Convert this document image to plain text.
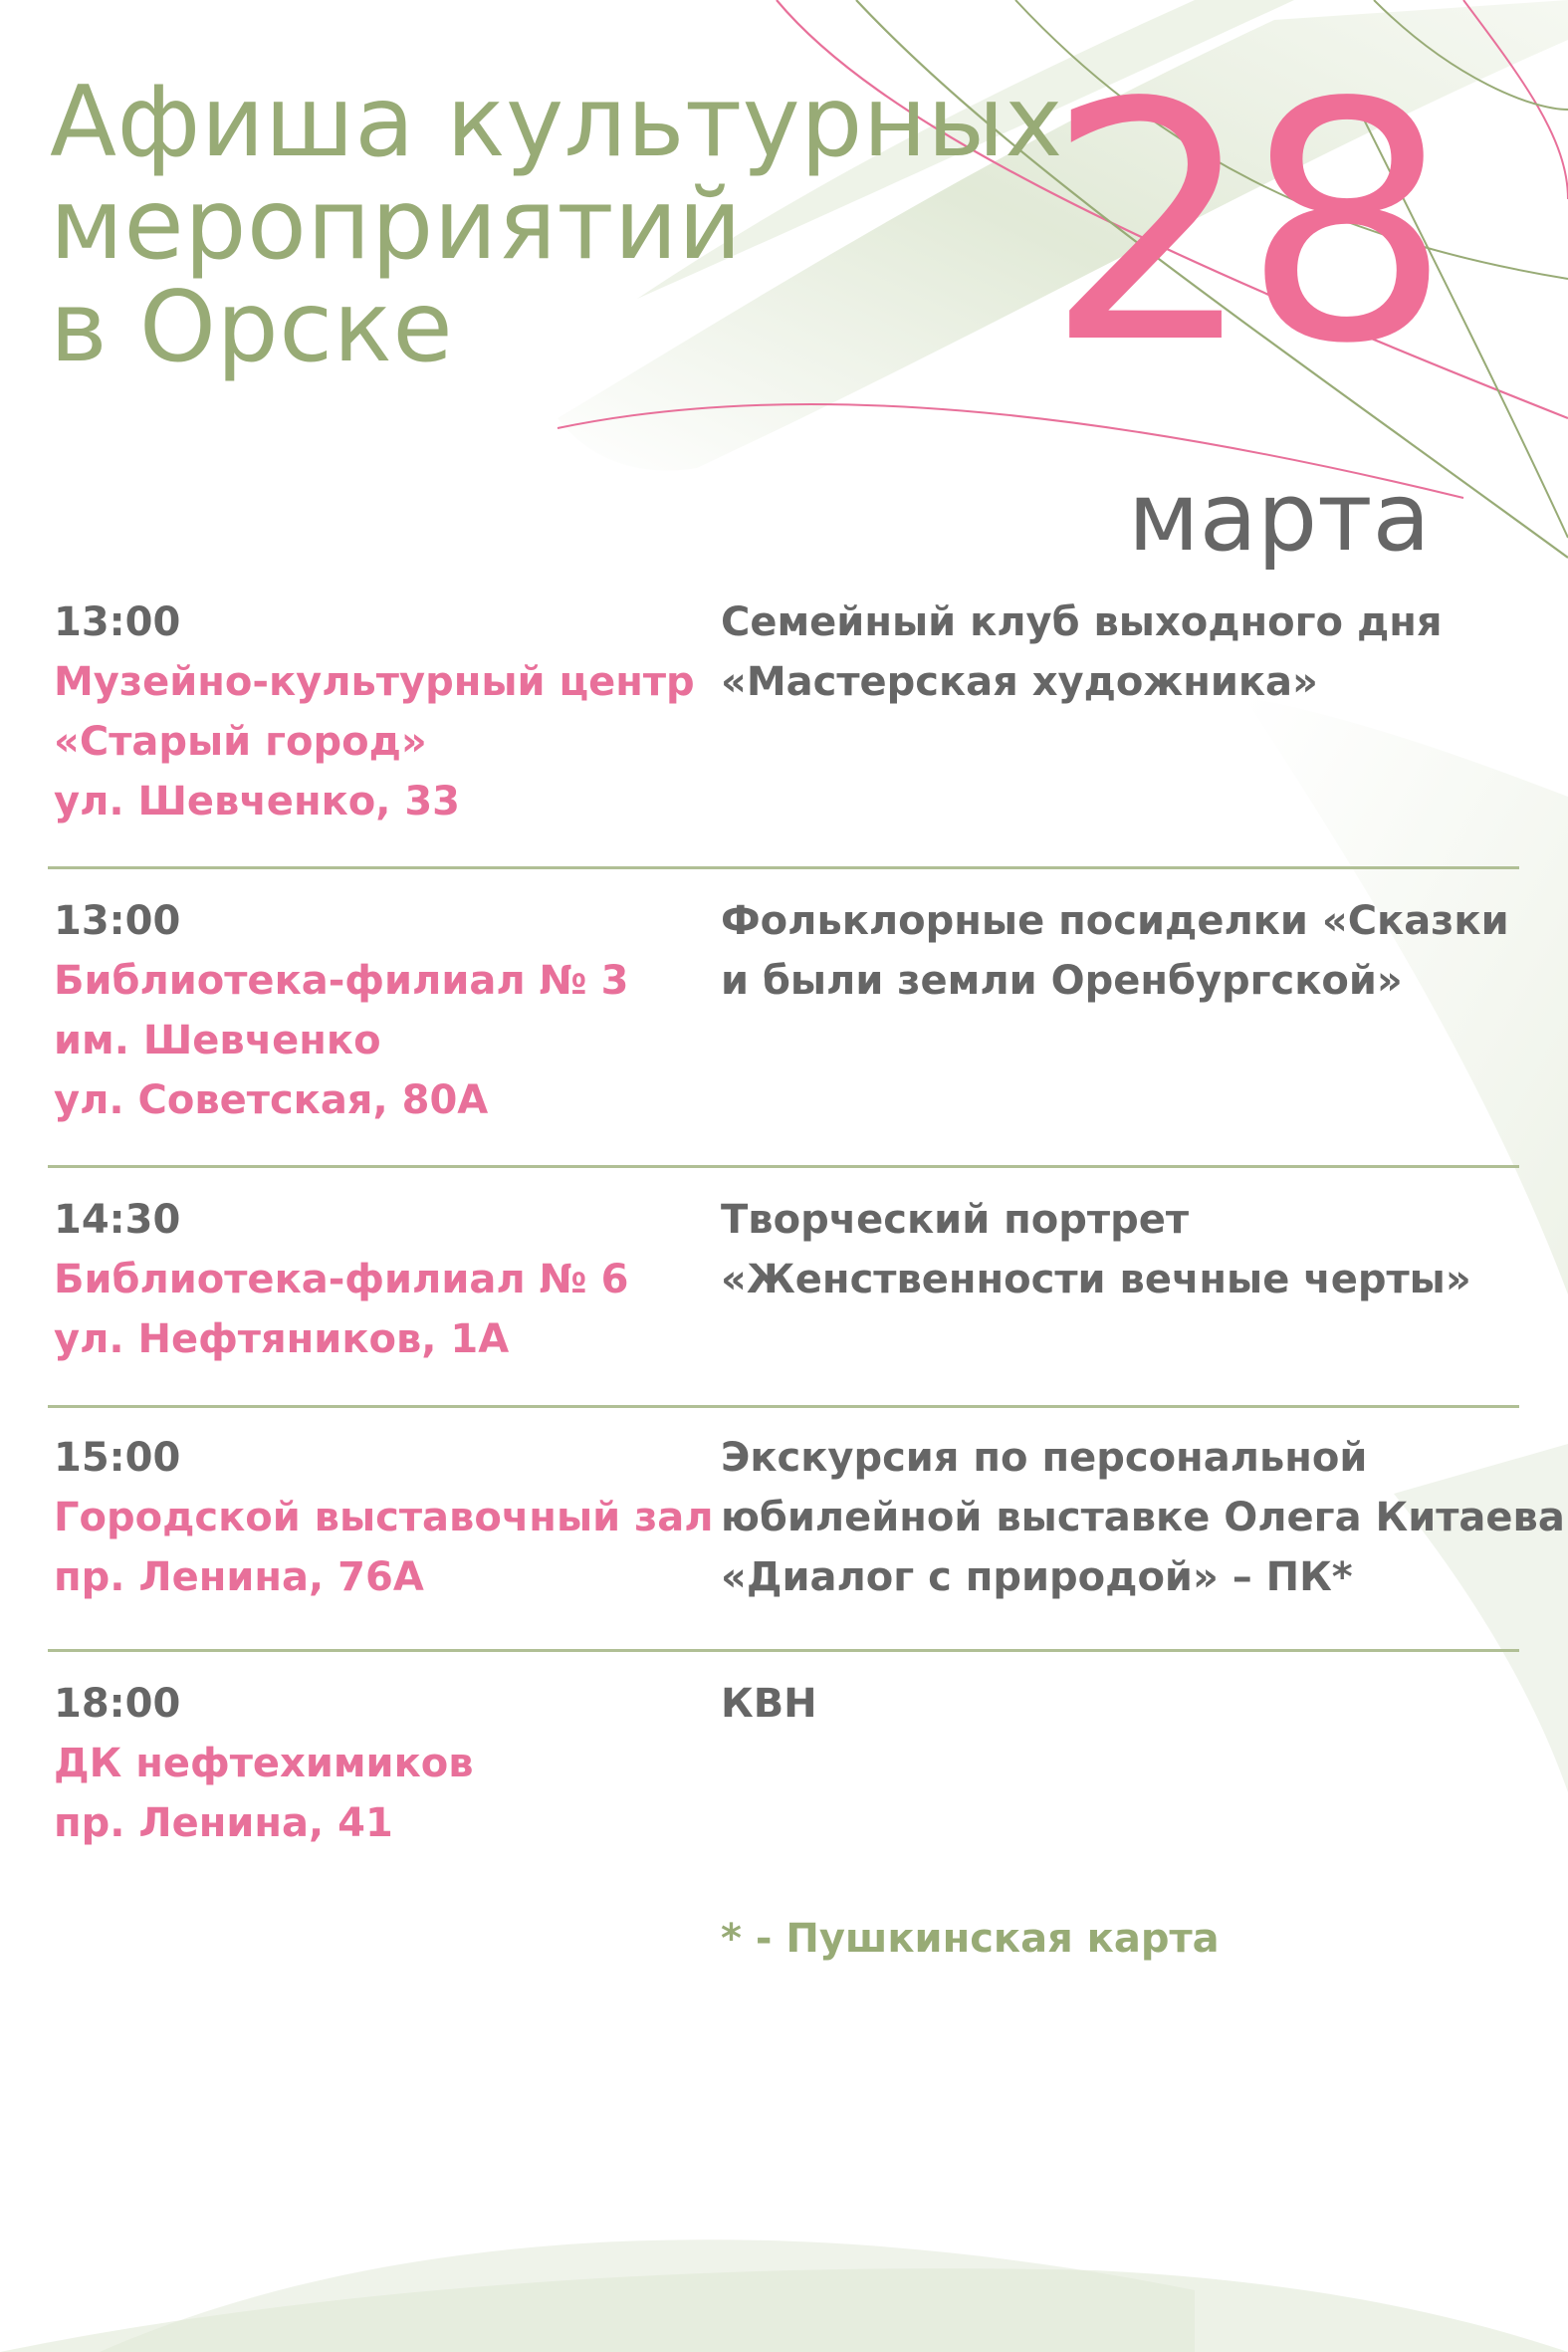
Афиша культурных
мероприятий
в Орске	28
марта
13:00
Музейно-культурный центр
«Старый город»
ул. Шевченко, 33
Семейный клуб выходного дня
«Мастерская художника»
13:00
Библиотека-филиал № 3
им. Шевченко
ул. Советская, 80А
Фольклорные посиделки «Сказки
и были земли Оренбургской»
14:30
Библиотека-филиал № 6
ул. Нефтяников, 1А
Творческий портрет
«Женственности вечные черты»
15:00
Городской выставочный зал
пр. Ленина, 76А
Экскурсия по персональной
юбилейной выставке Олега Китаева
«Диалог с природой» – ПК*
18:00
ДК нефтехимиков
пр. Ленина, 41
КВН
* - Пушкинская карта
